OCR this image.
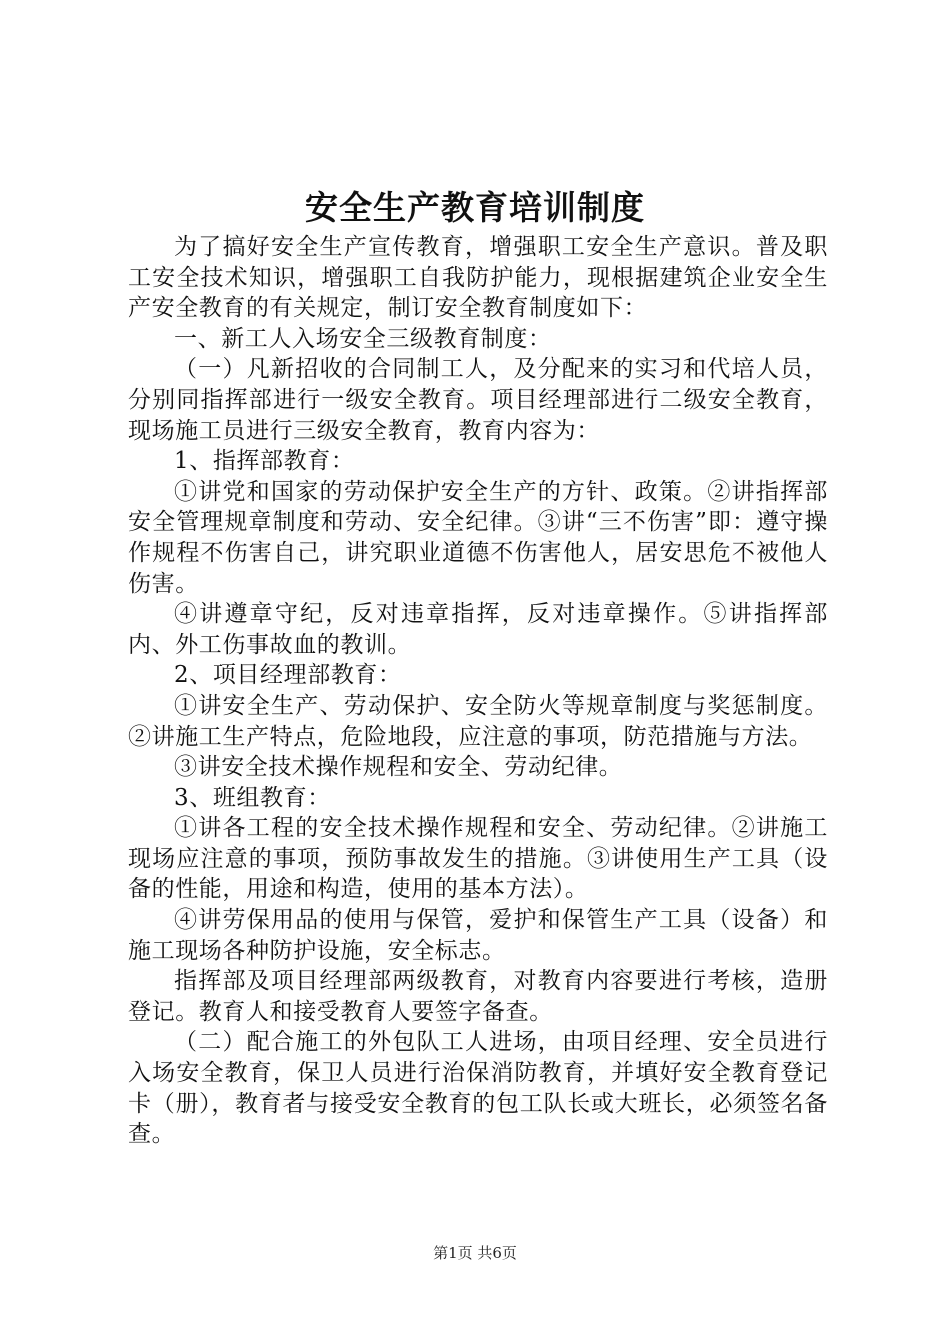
安全生产教育培训制度

为了搞好安全生产宣传教育，增强职工安全生产意识。普及职工安全技术知识，增强职工自我防护能力，现根据建筑企业安全生产安全教育的有关规定，制订安全教育制度如下：

一、新工人入场安全三级教育制度：

（一）凡新招收的合同制工人，及分配来的实习和代培人员，分别同指挥部进行一级安全教育。项目经理部进行二级安全教育，现场施工员进行三级安全教育，教育内容为：

1、指挥部教育：

①讲党和国家的劳动保护安全生产的方针、政策。②讲指挥部安全管理规章制度和劳动、安全纪律。③讲“三不伤害”即：遵守操作规程不伤害自己，讲究职业道德不伤害他人，居安思危不被他人伤害。

④讲遵章守纪，反对违章指挥，反对违章操作。⑤讲指挥部内、外工伤事故血的教训。

2、项目经理部教育：

①讲安全生产、劳动保护、安全防火等规章制度与奖惩制度。②讲施工生产特点，危险地段，应注意的事项，防范措施与方法。

③讲安全技术操作规程和安全、劳动纪律。

3、班组教育：

①讲各工程的安全技术操作规程和安全、劳动纪律。②讲施工现场应注意的事项，预防事故发生的措施。③讲使用生产工具（设备的性能，用途和构造，使用的基本方法）。

④讲劳保用品的使用与保管，爱护和保管生产工具（设备）和施工现场各种防护设施，安全标志。

指挥部及项目经理部两级教育，对教育内容要进行考核，造册登记。教育人和接受教育人要签字备查。

（二）配合施工的外包队工人进场，由项目经理、安全员进行入场安全教育，保卫人员进行治保消防教育，并填好安全教育登记卡（册），教育者与接受安全教育的包工队长或大班长，必须签名备查。

第1页 共6页
